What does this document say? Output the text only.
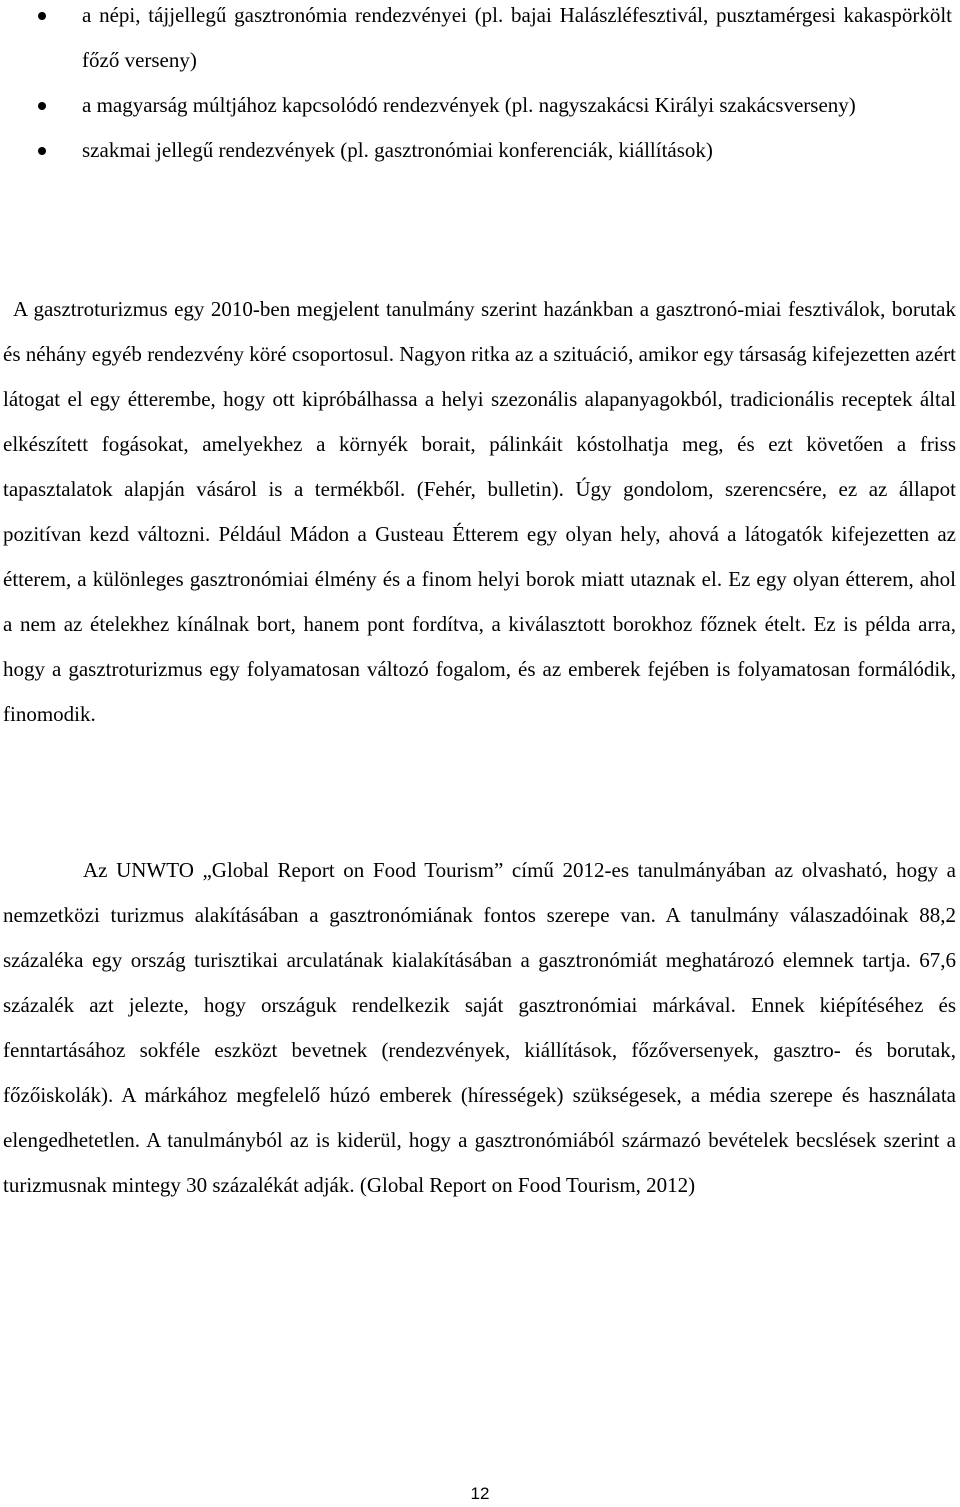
a népi, tájjellegű gasztronómia rendezvényei (pl. bajai Halászléfesztivál, pusztamérgesi kakaspörkölt főző verseny)
a magyarság múltjához kapcsolódó rendezvények (pl. nagyszakácsi Királyi szakácsverseny)
szakmai jellegű rendezvények (pl. gasztronómiai konferenciák, kiállítások)

A gasztroturizmus egy 2010-ben megjelent tanulmány szerint hazánkban a gasztronó-miai fesztiválok, borutak és néhány egyéb rendezvény köré csoportosul. Nagyon ritka az a szituáció, amikor egy társaság kifejezetten azért látogat el egy étterembe, hogy ott kipróbálhassa a helyi szezonális alapanyagokból, tradicionális receptek által elkészített fogásokat, amelyekhez a környék borait, pálinkáit kóstolhatja meg, és ezt követően a friss tapasztalatok alapján vásárol is a termékből. (Fehér, bulletin). Úgy gondolom, szerencsére, ez az állapot pozitívan kezd változni. Például Mádon a Gusteau Étterem egy olyan hely, ahová a látogatók kifejezetten az étterem, a különleges gasztronómiai élmény és a finom helyi borok miatt utaznak el. Ez egy olyan étterem, ahol a nem az ételekhez kínálnak bort, hanem pont fordítva, a kiválasztott borokhoz főznek ételt. Ez is példa arra, hogy a gasztroturizmus egy folyamatosan változó fogalom, és az emberek fejében is folyamatosan formálódik, finomodik.

Az UNWTO „Global Report on Food Tourism” című 2012-es tanulmányában az olvasható, hogy a nemzetközi turizmus alakításában a gasztronómiának fontos szerepe van. A tanulmány válaszadóinak 88,2 százaléka egy ország turisztikai arculatának kialakításában a gasztronómiát meghatározó elemnek tartja. 67,6 százalék azt jelezte, hogy országuk rendelkezik saját gasztronómiai márkával. Ennek kiépítéséhez és fenntartásához sokféle eszközt bevetnek (rendezvények, kiállítások, főzőversenyek, gasztro- és borutak, főzőiskolák). A márkához megfelelő húzó emberek (hírességek) szükségesek, a média szerepe és használata elengedhetetlen. A tanulmányból az is kiderül, hogy a gasztronómiából származó bevételek becslések szerint a turizmusnak mintegy 30 százalékát adják. (Global Report on Food Tourism, 2012)

12
